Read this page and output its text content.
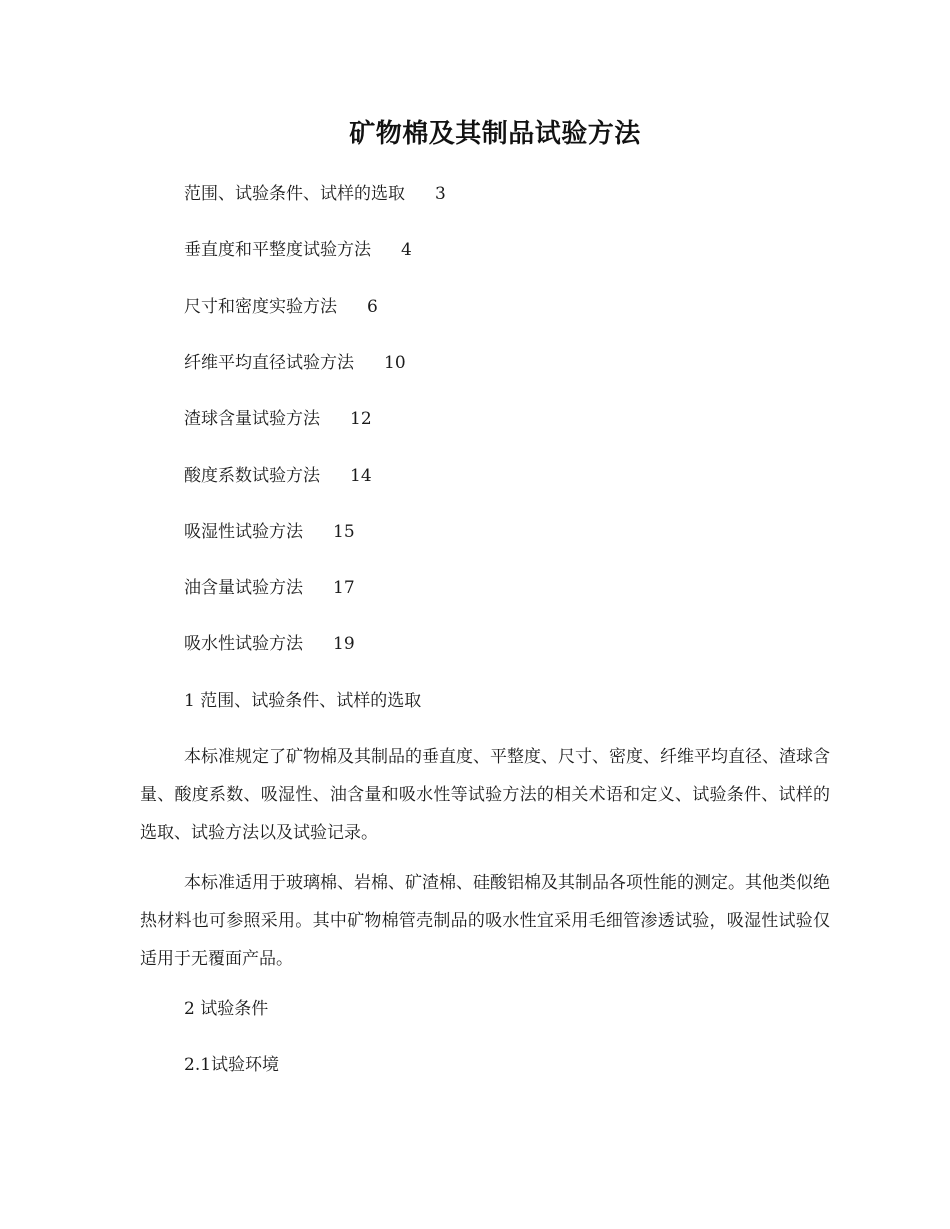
矿物棉及其制品试验方法
范围、试验条件、试样的选取 3
垂直度和平整度试验方法 4
尺寸和密度实验方法 6
纤维平均直径试验方法 10
渣球含量试验方法 12
酸度系数试验方法 14
吸湿性试验方法 15
油含量试验方法 17
吸水性试验方法 19
1 范围、试验条件、试样的选取
本标准规定了矿物棉及其制品的垂直度、平整度、尺寸、密度、纤维平均直径、渣球含量、酸度系数、吸湿性、油含量和吸水性等试验方法的相关术语和定义、试验条件、试样的选取、试验方法以及试验记录。
本标准适用于玻璃棉、岩棉、矿渣棉、硅酸铝棉及其制品各项性能的测定。其他类似绝热材料也可参照采用。其中矿物棉管壳制品的吸水性宜采用毛细管渗透试验，吸湿性试验仅适用于无覆面产品。
2 试验条件
2.1试验环境
